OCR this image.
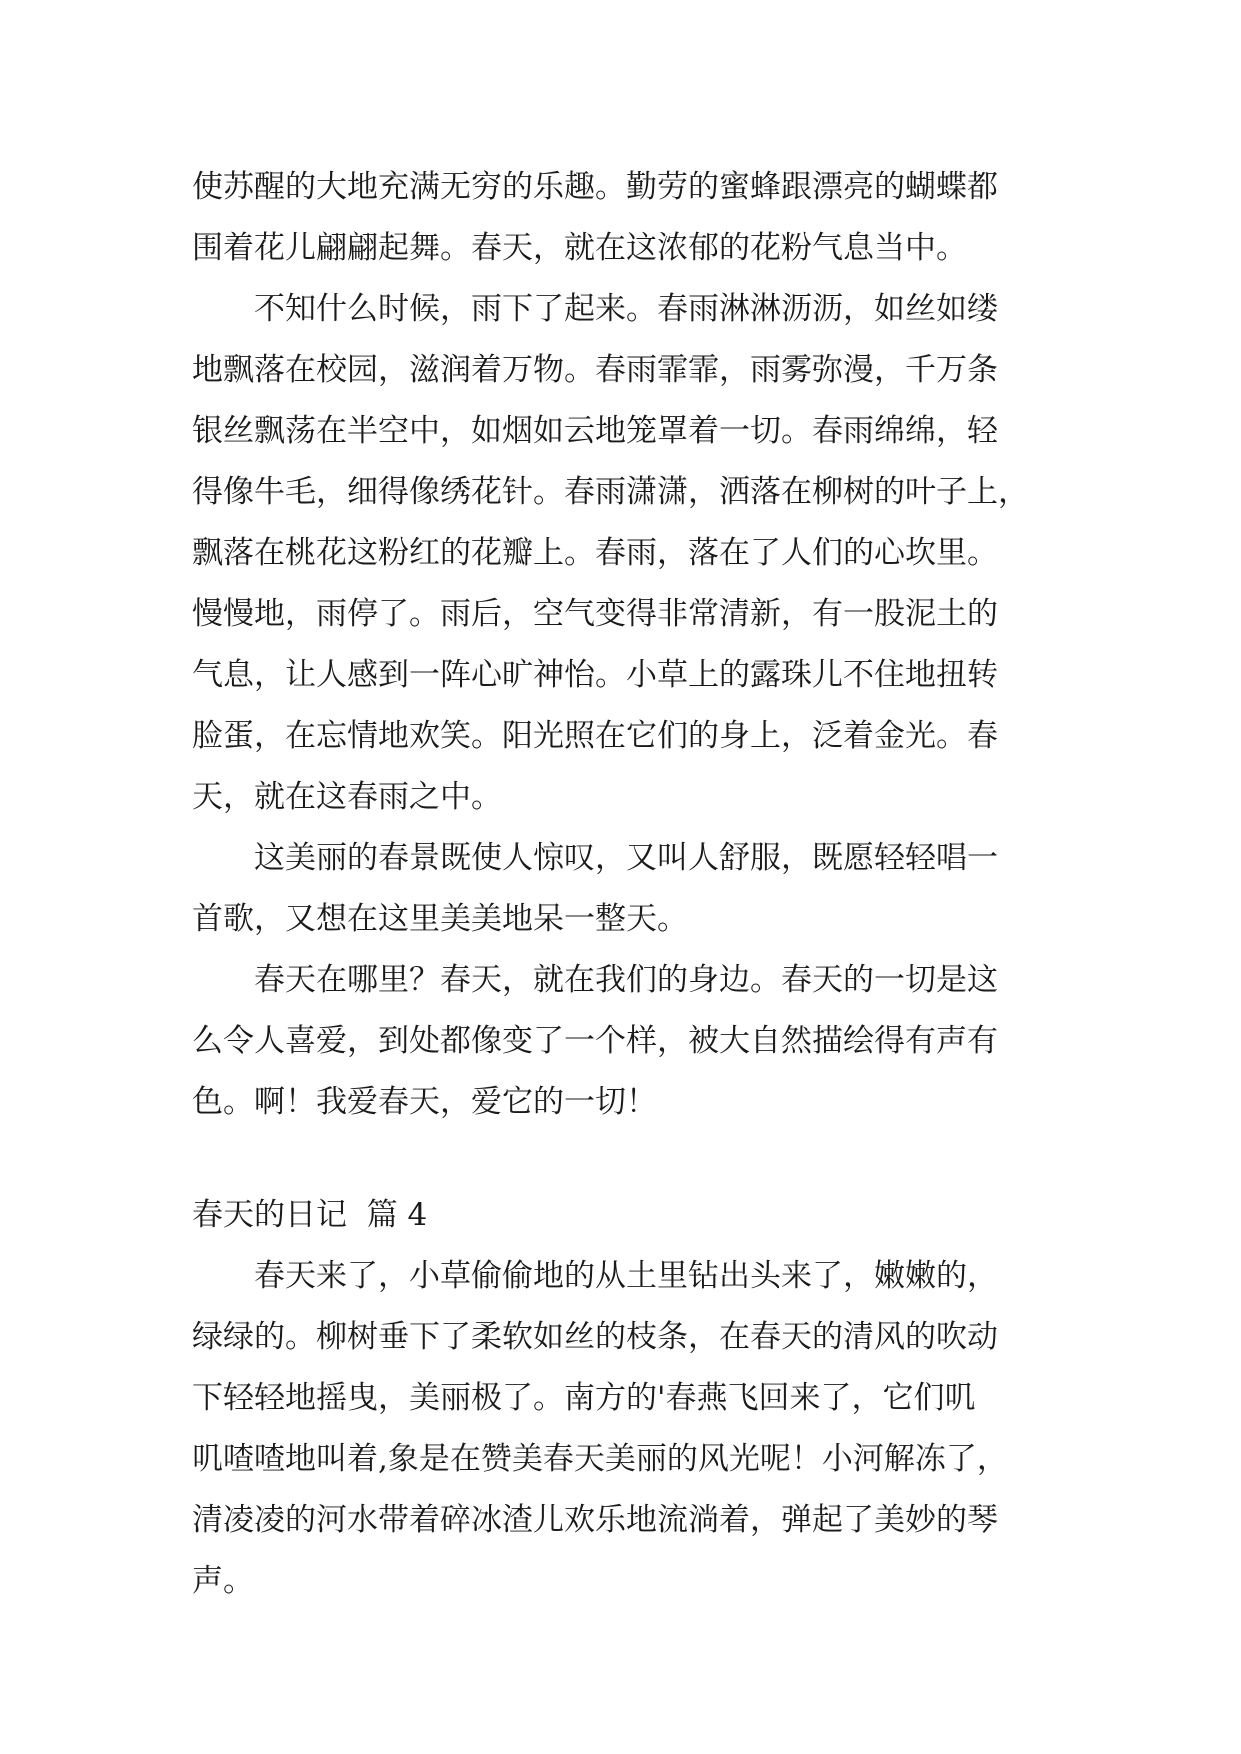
使苏醒的大地充满无穷的乐趣。勤劳的蜜蜂跟漂亮的蝴蝶都
围着花儿翩翩起舞。春天，就在这浓郁的花粉气息当中。
　　不知什么时候，雨下了起来。春雨淋淋沥沥，如丝如缕
地飘落在校园，滋润着万物。春雨霏霏，雨雾弥漫，千万条
银丝飘荡在半空中，如烟如云地笼罩着一切。春雨绵绵，轻
得像牛毛，细得像绣花针。春雨潇潇，洒落在柳树的叶子上，
飘落在桃花这粉红的花瓣上。春雨，落在了人们的心坎里。
慢慢地，雨停了。雨后，空气变得非常清新，有一股泥土的
气息，让人感到一阵心旷神怡。小草上的露珠儿不住地扭转
脸蛋，在忘情地欢笑。阳光照在它们的身上，泛着金光。春
天，就在这春雨之中。
　　这美丽的春景既使人惊叹，又叫人舒服，既愿轻轻唱一
首歌，又想在这里美美地呆一整天。
　　春天在哪里？春天，就在我们的身边。春天的一切是这
么令人喜爱，到处都像变了一个样，被大自然描绘得有声有
色。啊！我爱春天，爱它的一切！
春天的日记  篇 4
　　春天来了，小草偷偷地的从土里钻出头来了，嫩嫩的，
绿绿的。柳树垂下了柔软如丝的枝条，在春天的清风的吹动
下轻轻地摇曳，美丽极了。南方的'春燕飞回来了，它们叽
叽喳喳地叫着,象是在赞美春天美丽的风光呢！小河解冻了，
清凌凌的河水带着碎冰渣儿欢乐地流淌着，弹起了美妙的琴
声。
